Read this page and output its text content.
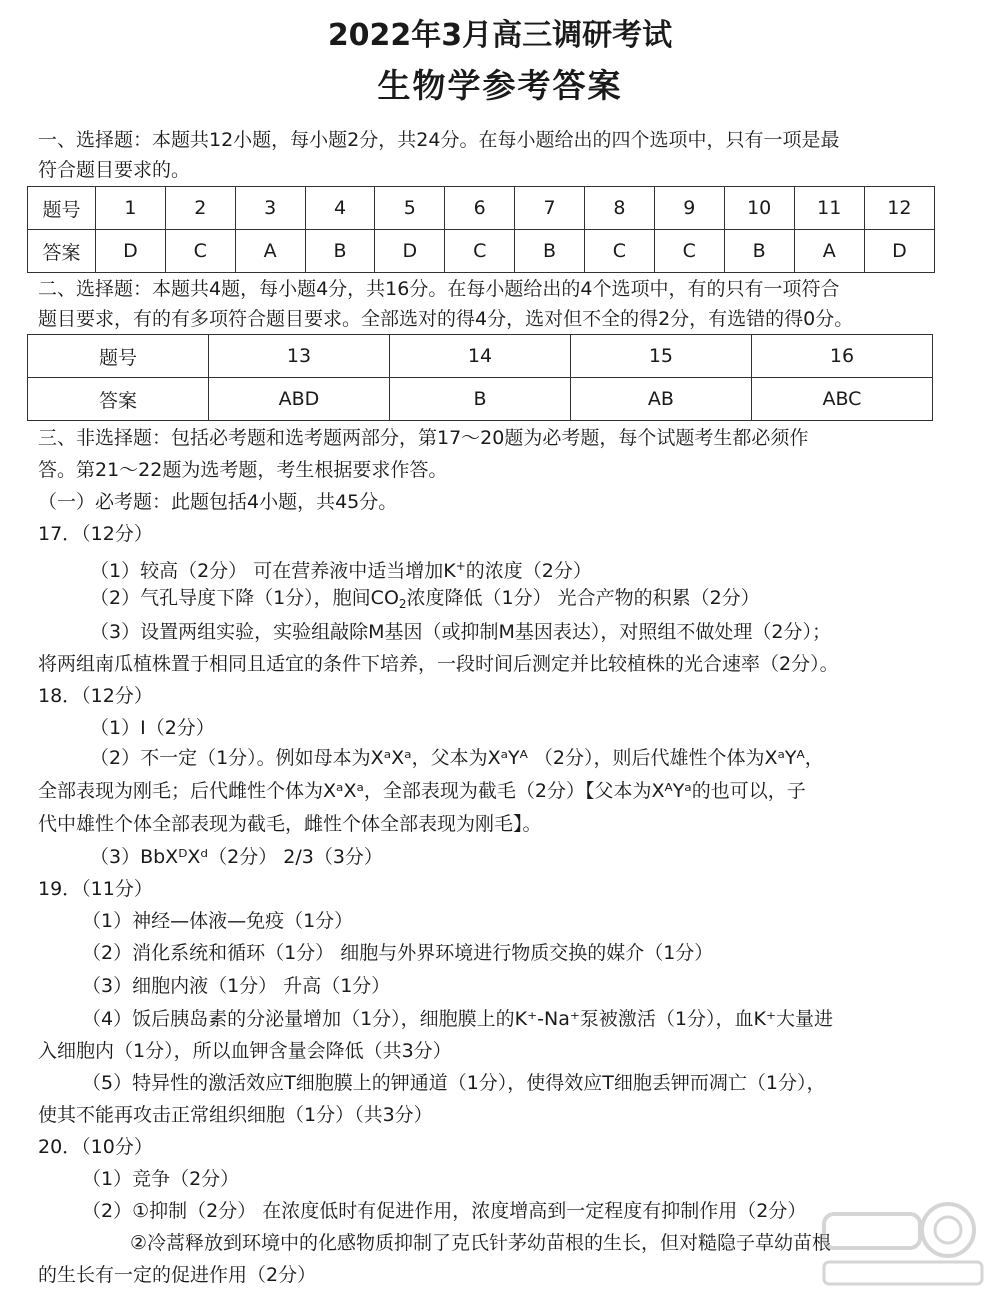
2022年3月高三调研考试
生物学参考答案
一、选择题：本题共12小题，每小题2分，共24分。在每小题给出的四个选项中，只有一项是最
符合题目要求的。
题号	1	2	3	4	5	6	7	8	9	10	11	12
答案	D	C	A	B	D	C	B	C	C	B	A	D
二、选择题：本题共4题，每小题4分，共16分。在每小题给出的4个选项中，有的只有一项符合
题目要求，有的有多项符合题目要求。全部选对的得4分，选对但不全的得2分，有选错的得0分。
题号	13	14	15	16
答案	ABD	B	AB	ABC
三、非选择题：包括必考题和选考题两部分，第17～20题为必考题，每个试题考生都必须作
答。第21～22题为选考题，考生根据要求作答。
（一）必考题：此题包括4小题，共45分。
17．（12分）
（1）较高（2分） 可在营养液中适当增加K+的浓度（2分）
（2）气孔导度下降（1分），胞间$CO_2$浓度降低（1分） 光合产物的积累（2分）
（3）设置两组实验，实验组敲除M基因（或抑制M基因表达），对照组不做处理（2分）；
将两组南瓜植株置于相同且适宜的条件下培养，一段时间后测定并比较植株的光合速率（2分）。
18．（12分）
（1）Ⅰ（2分）
（2）不一定（1分）。例如母本为XᵃXᵃ，父本为XᵃYᴬ （2分），则后代雄性个体为XᵃYᴬ，
全部表现为刚毛；后代雌性个体为XᵃXᵃ，全部表现为截毛（2分）【父本为XᴬYᵃ的也可以，子
代中雄性个体全部表现为截毛，雌性个体全部表现为刚毛】。
（3）BbXᴰXᵈ（2分） 2/3（3分）
19．（11分）
（1）神经—体液—免疫（1分）
（2）消化系统和循环（1分） 细胞与外界环境进行物质交换的媒介（1分）
（3）细胞内液（1分） 升高（1分）
（4）饭后胰岛素的分泌量增加（1分），细胞膜上的K⁺-Na⁺泵被激活（1分），血K⁺大量进
入细胞内（1分），所以血钾含量会降低（共3分）
（5）特异性的激活效应T细胞膜上的钾通道（1分），使得效应T细胞丢钾而凋亡（1分），
使其不能再攻击正常组织细胞（1分）（共3分）
20．（10分）
（1）竞争（2分）
（2）①抑制（2分） 在浓度低时有促进作用，浓度增高到一定程度有抑制作用（2分）
②冷蒿释放到环境中的化感物质抑制了克氏针茅幼苗根的生长，但对糙隐子草幼苗根
的生长有一定的促进作用（2分）
